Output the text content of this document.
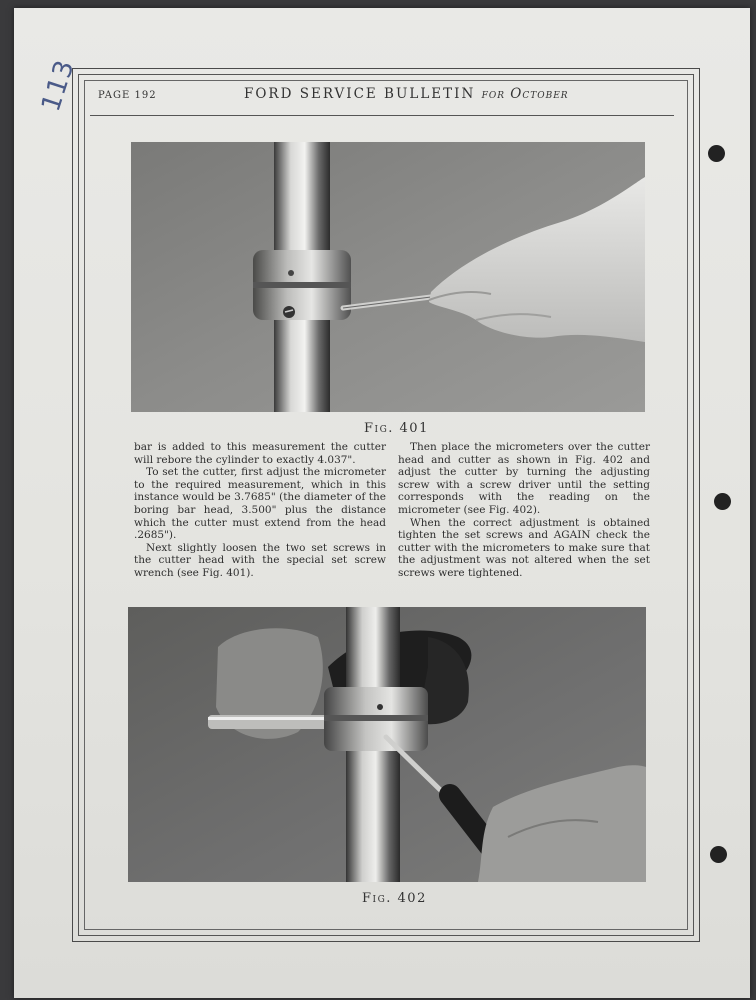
113 PAGE 192	FORD SERVICE BULLETIN for October
Fig. 401

bar is added to this measurement the cutter will rebore the cylinder to exactly 4.037".

To set the cutter, first adjust the micrometer to the required measurement, which in this instance would be 3.7685" (the diameter of the boring bar head, 3.500" plus the distance which the cutter must extend from the head .2685").

Next slightly loosen the two set screws in the cutter head with the special set screw wrench (see Fig. 401).

Then place the micrometers over the cutter head and cutter as shown in Fig. 402 and adjust the cutter by turning the adjusting screw with a screw driver until the setting corresponds with the reading on the micrometer (see Fig. 402).

When the correct adjustment is obtained tighten the set screws and AGAIN check the cutter with the micrometers to make sure that the adjustment was not altered when the set screws were tightened.

Fig. 402
